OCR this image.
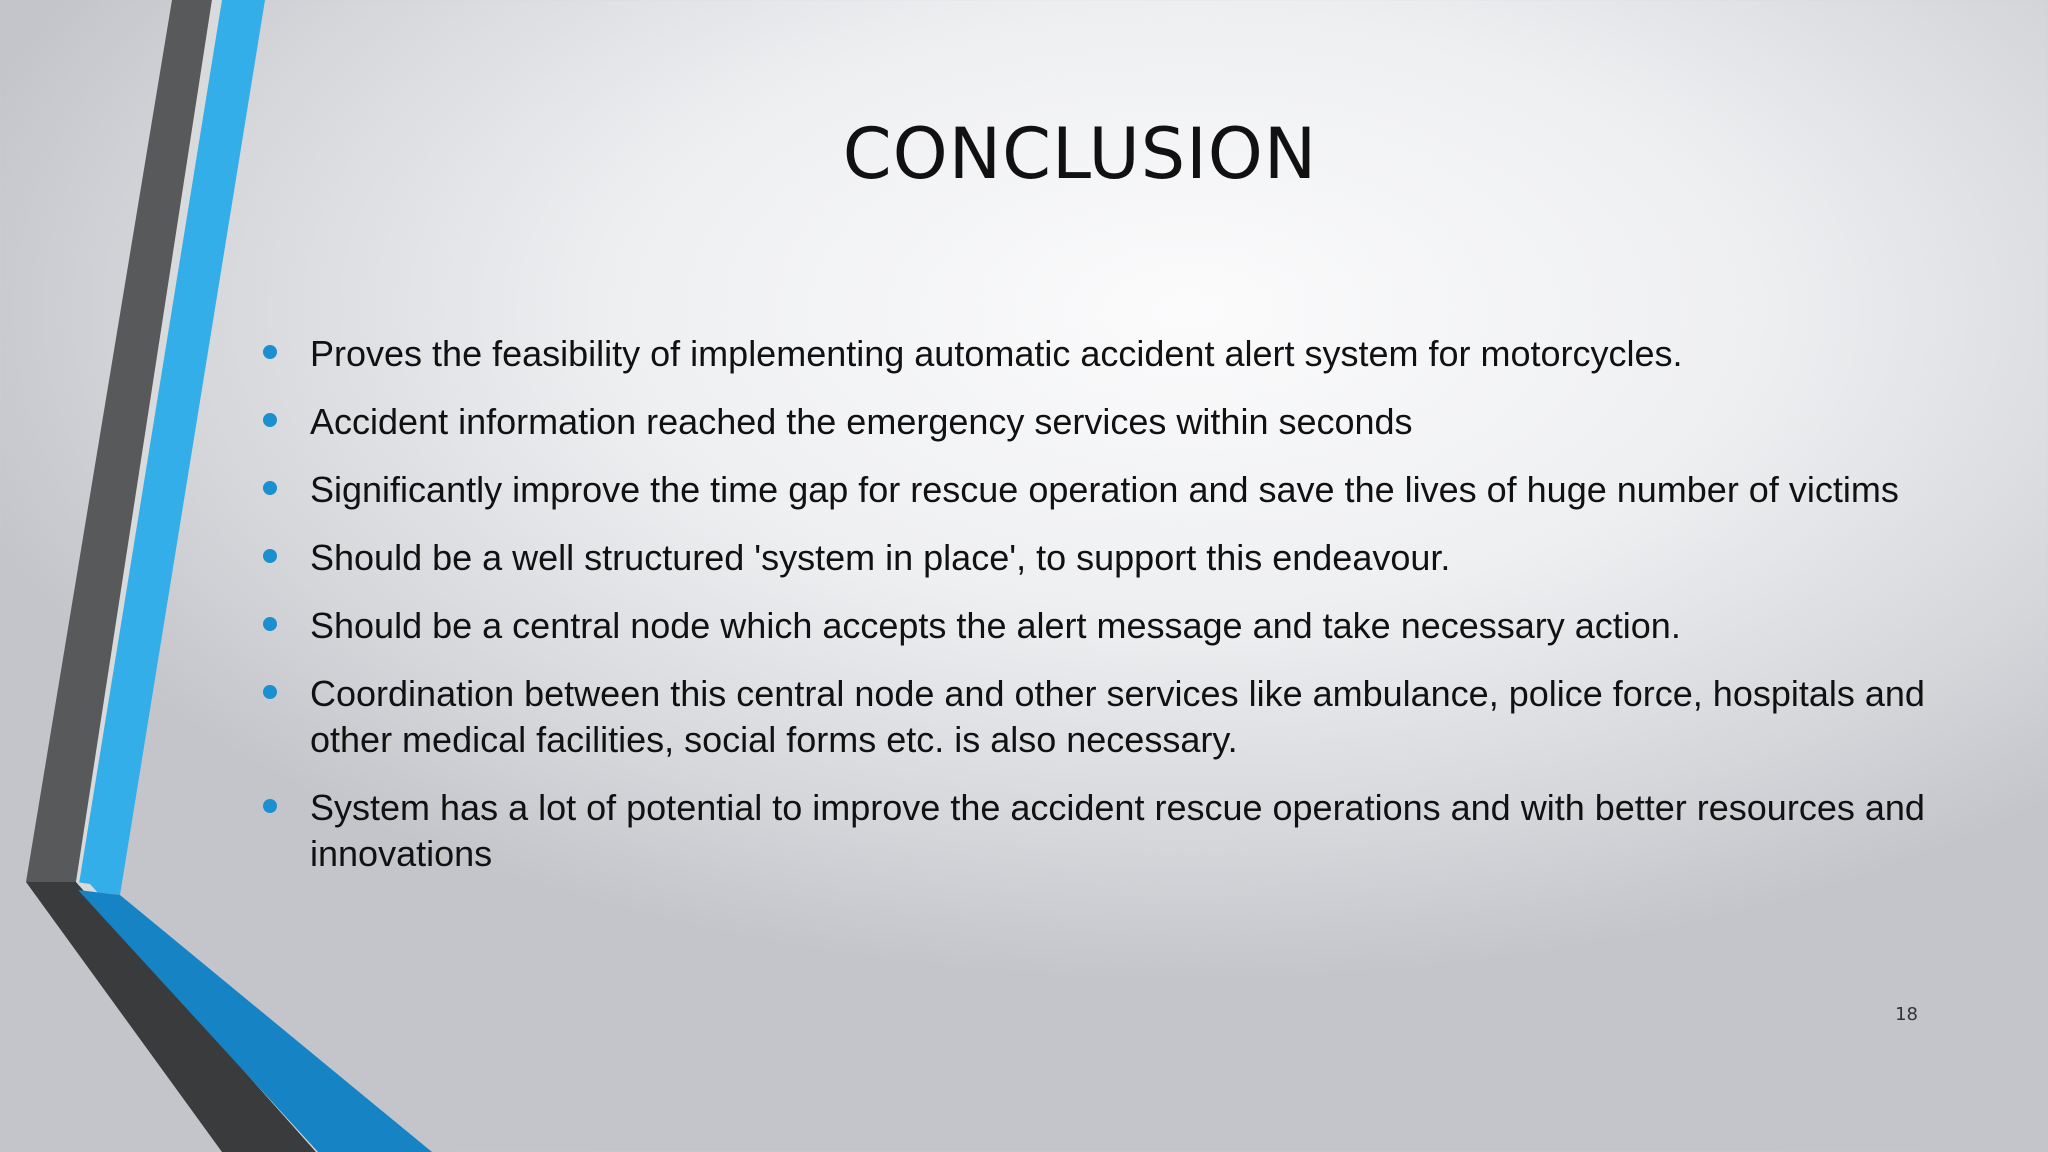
CONCLUSION
Proves the feasibility of implementing automatic accident alert system for motorcycles.
Accident information reached the emergency services within seconds
Significantly improve the time gap for rescue operation and save the lives of huge number of victims
Should be a well structured 'system in place', to support this endeavour.
Should be a central node which accepts the alert message and take necessary action.
Coordination between this central node and other services like ambulance, police force, hospitals and other medical facilities, social forms etc. is also necessary.
System has a lot of potential to improve the accident rescue operations and with better resources and innovations
18
